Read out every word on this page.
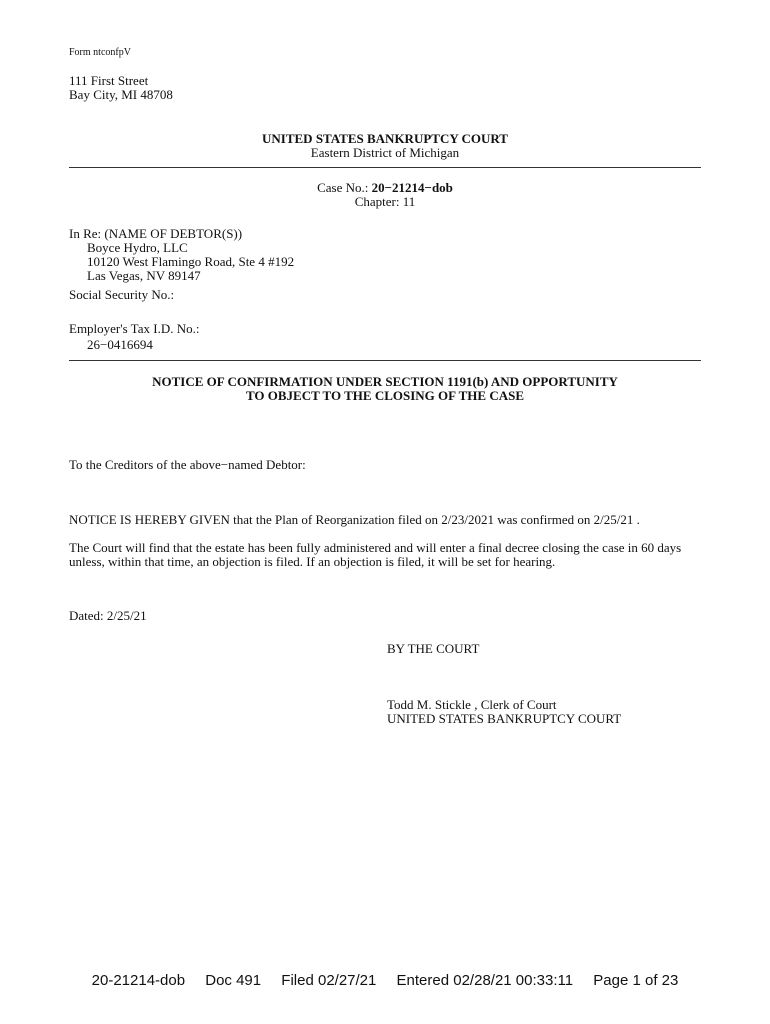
Form ntconfpV
111 First Street
Bay City, MI 48708
UNITED STATES BANKRUPTCY COURT
Eastern District of Michigan
Case No.: 20−21214−dob
Chapter: 11
In Re: (NAME OF DEBTOR(S))
Boyce Hydro, LLC
10120 West Flamingo Road, Ste 4 #192
Las Vegas, NV 89147
Social Security No.:
Employer's Tax I.D. No.:
26−0416694
NOTICE OF CONFIRMATION UNDER SECTION 1191(b) AND OPPORTUNITY
TO OBJECT TO THE CLOSING OF THE CASE
To the Creditors of the above−named Debtor:
NOTICE IS HEREBY GIVEN that the Plan of Reorganization filed on 2/23/2021 was confirmed on 2/25/21 .
The Court will find that the estate has been fully administered and will enter a final decree closing the case in 60 days
unless, within that time, an objection is filed. If an objection is filed, it will be set for hearing.
Dated: 2/25/21
BY THE COURT
Todd M. Stickle , Clerk of Court
UNITED STATES BANKRUPTCY COURT
20-21214-dob Doc 491 Filed 02/27/21 Entered 02/28/21 00:33:11 Page 1 of 23
